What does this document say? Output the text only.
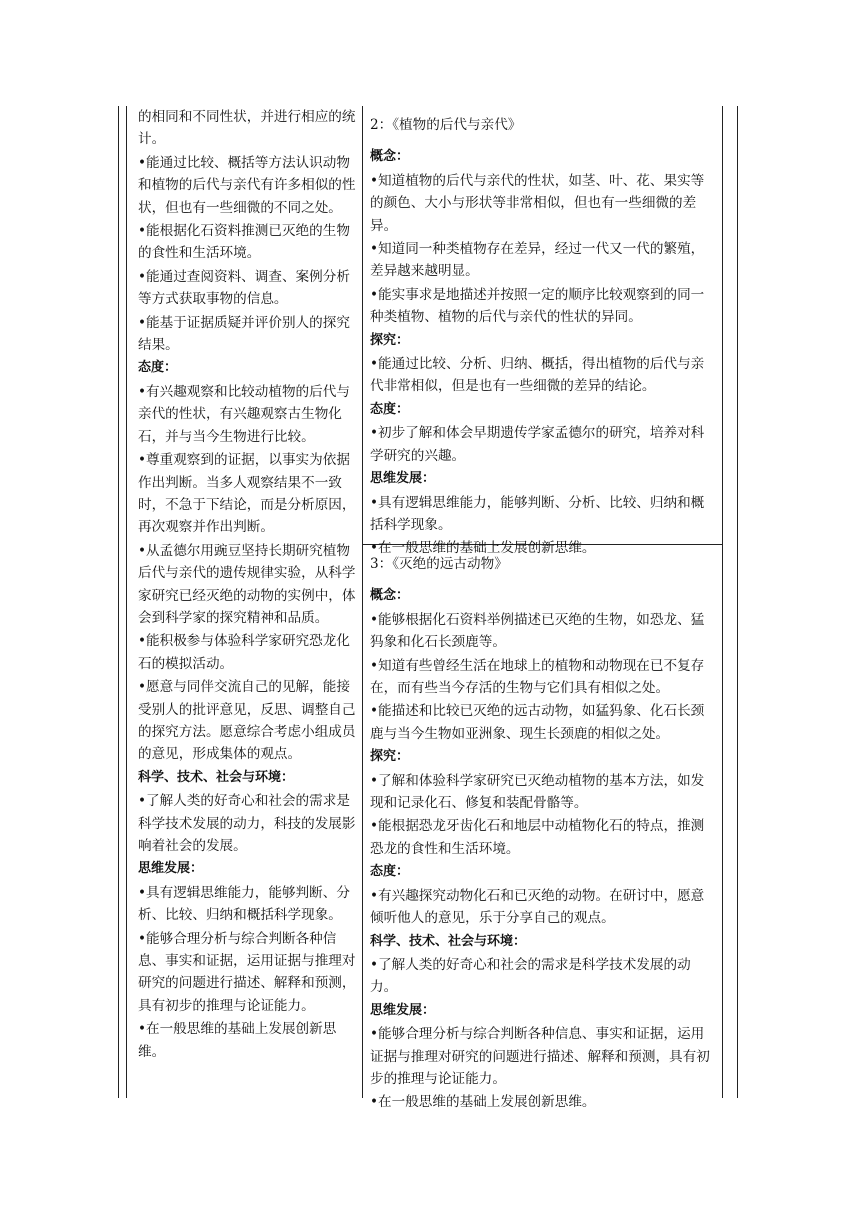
的相同和不同性状，并进行相应的统计。

•能通过比较、概括等方法认识动物和植物的后代与亲代有许多相似的性状，但也有一些细微的不同之处。

•能根据化石资料推测已灭绝的生物的食性和生活环境。

•能通过查阅资料、调查、案例分析等方式获取事物的信息。

•能基于证据质疑并评价别人的探究结果。

态度：

•有兴趣观察和比较动植物的后代与亲代的性状，有兴趣观察古生物化石，并与当今生物进行比较。

•尊重观察到的证据，以事实为依据作出判断。当多人观察结果不一致时，不急于下结论，而是分析原因，再次观察并作出判断。

•从孟德尔用豌豆坚持长期研究植物后代与亲代的遗传规律实验，从科学家研究已经灭绝的动物的实例中，体会到科学家的探究精神和品质。

•能积极参与体验科学家研究恐龙化石的模拟活动。

•愿意与同伴交流自己的见解，能接受别人的批评意见，反思、调整自己的探究方法。愿意综合考虑小组成员的意见，形成集体的观点。

科学、技术、社会与环境：

•了解人类的好奇心和社会的需求是科学技术发展的动力，科技的发展影响着社会的发展。

思维发展：

•具有逻辑思维能力，能够判断、分析、比较、归纳和概括科学现象。

•能够合理分析与综合判断各种信息、事实和证据，运用证据与推理对研究的问题进行描述、解释和预测，具有初步的推理与论证能力。

•在一般思维的基础上发展创新思维。

2：《植物的后代与亲代》

概念：

•知道植物的后代与亲代的性状，如茎、叶、花、果实等的颜色、大小与形状等非常相似，但也有一些细微的差异。

•知道同一种类植物存在差异，经过一代又一代的繁殖，差异越来越明显。

•能实事求是地描述并按照一定的顺序比较观察到的同一种类植物、植物的后代与亲代的性状的异同。

探究：

•能通过比较、分析、归纳、概括，得出植物的后代与亲代非常相似，但是也有一些细微的差异的结论。

态度：

•初步了解和体会早期遗传学家孟德尔的研究，培养对科学研究的兴趣。

思维发展：

•具有逻辑思维能力，能够判断、分析、比较、归纳和概括科学现象。

•在一般思维的基础上发展创新思维。

3：《灭绝的远古动物》

概念：

•能够根据化石资料举例描述已灭绝的生物，如恐龙、猛犸象和化石长颈鹿等。

•知道有些曾经生活在地球上的植物和动物现在已不复存在，而有些当今存活的生物与它们具有相似之处。

•能描述和比较已灭绝的远古动物，如猛犸象、化石长颈鹿与当今生物如亚洲象、现生长颈鹿的相似之处。

探究：

•了解和体验科学家研究已灭绝动植物的基本方法，如发现和记录化石、修复和装配骨骼等。

•能根据恐龙牙齿化石和地层中动植物化石的特点，推测恐龙的食性和生活环境。

态度：

•有兴趣探究动物化石和已灭绝的动物。在研讨中，愿意倾听他人的意见，乐于分享自己的观点。

科学、技术、社会与环境：

•了解人类的好奇心和社会的需求是科学技术发展的动力。

思维发展：

•能够合理分析与综合判断各种信息、事实和证据，运用证据与推理对研究的问题进行描述、解释和预测，具有初步的推理与论证能力。

•在一般思维的基础上发展创新思维。
